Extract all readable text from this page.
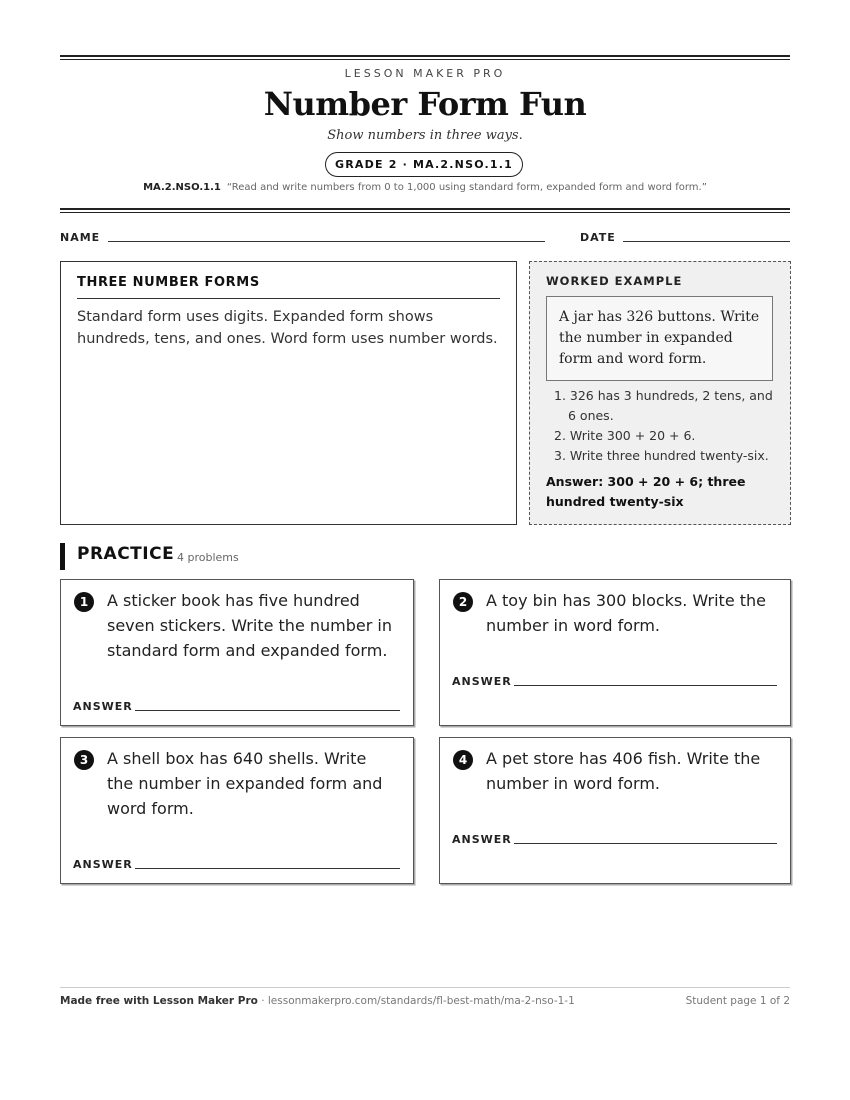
LESSON MAKER PRO
Number Form Fun
Show numbers in three ways.
GRADE 2 · MA.2.NSO.1.1
MA.2.NSO.1.1 “Read and write numbers from 0 to 1,000 using standard form, expanded form and word form.”
NAME	DATE
THREE NUMBER FORMS
Standard form uses digits. Expanded form shows hundreds, tens, and ones. Word form uses number words.
WORKED EXAMPLE
A jar has 326 buttons. Write the number in expanded form and word form.
1. 326 has 3 hundreds, 2 tens, and 6 ones.
2. Write 300 + 20 + 6.
3. Write three hundred twenty-six.
Answer: 300 + 20 + 6; three hundred twenty-six
PRACTICE 4 problems
1	A sticker book has five hundred seven stickers. Write the number in standard form and expanded form.
ANSWER
2	A toy bin has 300 blocks. Write the number in word form.
ANSWER
3	A shell box has 640 shells. Write the number in expanded form and word form.
ANSWER
4	A pet store has 406 fish. Write the number in word form.
ANSWER
Made free with Lesson Maker Pro · lessonmakerpro.com/standards/fl-best-math/ma-2-nso-1-1	Student page 1 of 2
